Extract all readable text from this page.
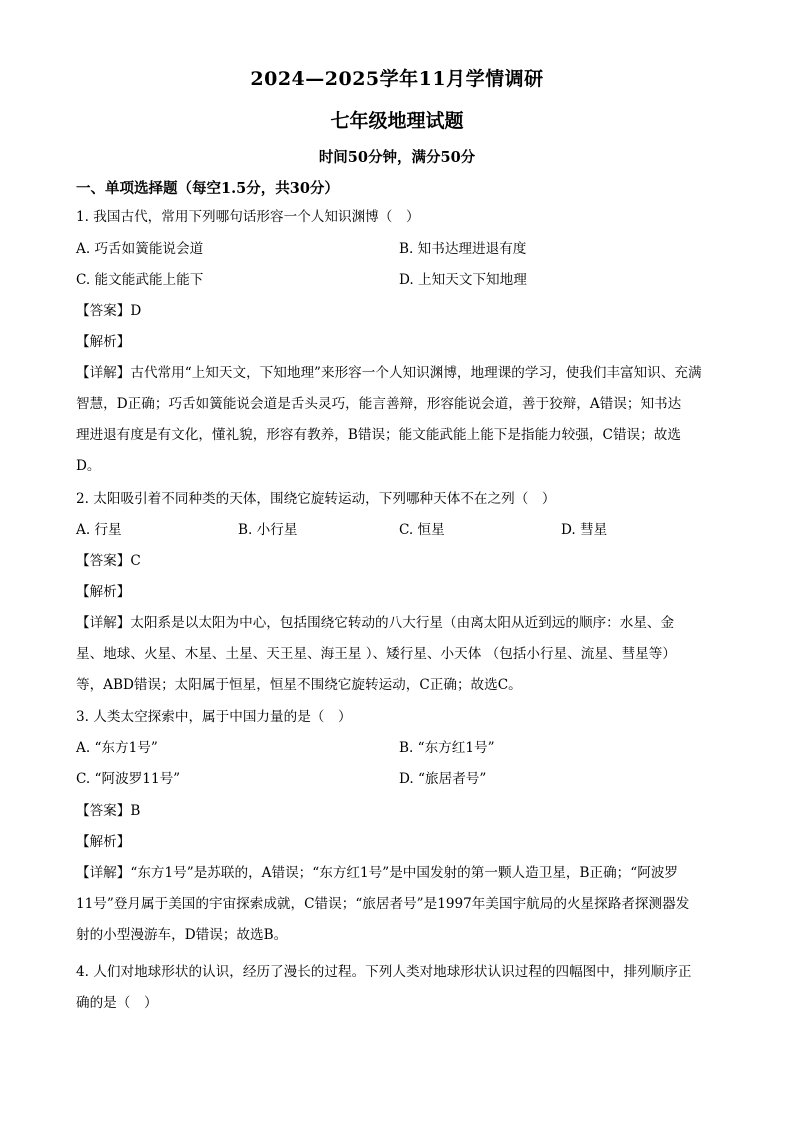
2024—2025学年11月学情调研
七年级地理试题
时间50分钟，满分50分
一、单项选择题（每空1.5分，共30分）
1. 我国古代，常用下列哪句话形容一个人知识渊博（　）
A. 巧舌如簧能说会道	B. 知书达理进退有度
C. 能文能武能上能下	D. 上知天文下知地理
【答案】D
【解析】

【详解】古代常用“上知天文，下知地理”来形容一个人知识渊博，地理课的学习，使我们丰富知识、充满

智慧，D正确；巧舌如簧能说会道是舌头灵巧，能言善辩，形容能说会道，善于狡辩，A错误；知书达

理进退有度是有文化，懂礼貌，形容有教养，B错误；能文能武能上能下是指能力较强，C错误；故选

D。

2. 太阳吸引着不同种类的天体，围绕它旋转运动，下列哪种天体不在之列（　）
A. 行星	B. 小行星	C. 恒星	D. 彗星
【答案】C
【解析】

【详解】太阳系是以太阳为中心，包括围绕它转动的八大行星（由离太阳从近到远的顺序：水星、金

星、地球、火星、木星、土星、天王星、海王星 ）、矮行星、小天体 （包括小行星、流星、彗星等）

等，ABD错误；太阳属于恒星，恒星不围绕它旋转运动，C正确；故选C。

3. 人类太空探索中，属于中国力量的是（　）
A. “东方1号”	B. “东方红1号”
C. “阿波罗11号”	D. “旅居者号”
【答案】B
【解析】

【详解】“东方1号”是苏联的，A错误；“东方红1号”是中国发射的第一颗人造卫星，B正确；“阿波罗

11号”登月属于美国的宇宙探索成就，C错误；“旅居者号”是1997年美国宇航局的火星探路者探测器发

射的小型漫游车，D错误；故选B。

4. 人们对地球形状的认识，经历了漫长的过程。下列人类对地球形状认识过程的四幅图中，排列顺序正

确的是（　）
